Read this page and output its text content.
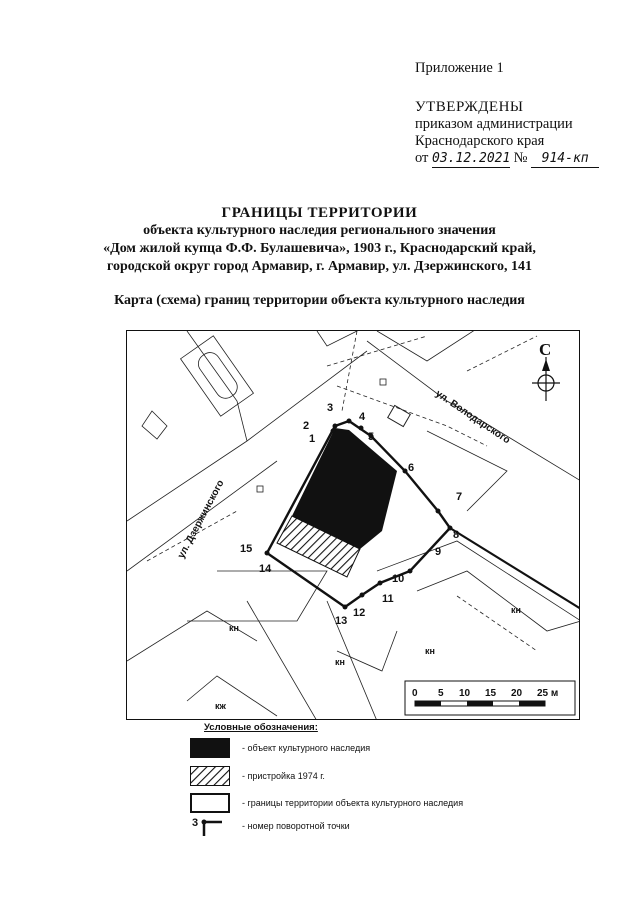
Приложение 1
УТВЕРЖДЕНЫ
приказом администрации
Краснодарского края
от 03.12.2021 № 914-кп
ГРАНИЦЫ ТЕРРИТОРИИ
объекта культурного наследия регионального значения
«Дом жилой купца Ф.Ф. Булашевича», 1903 г., Краснодарский край,
городской округ город Армавир, г. Армавир, ул. Дзержинского, 141
Карта (схема) границ территории объекта культурного наследия
1
2
3
4
5
6
7
8
9
10
11
12
13
14
15
ул. Володарского
ул. Дзержинского
кн
кн
кн
кн
кж
С
0 5 10 15 20 25 м
Условные обозначения:
- объект культурного наследия
- пристройка 1974 г.
- границы территории объекта культурного наследия
3	- номер поворотной точки
